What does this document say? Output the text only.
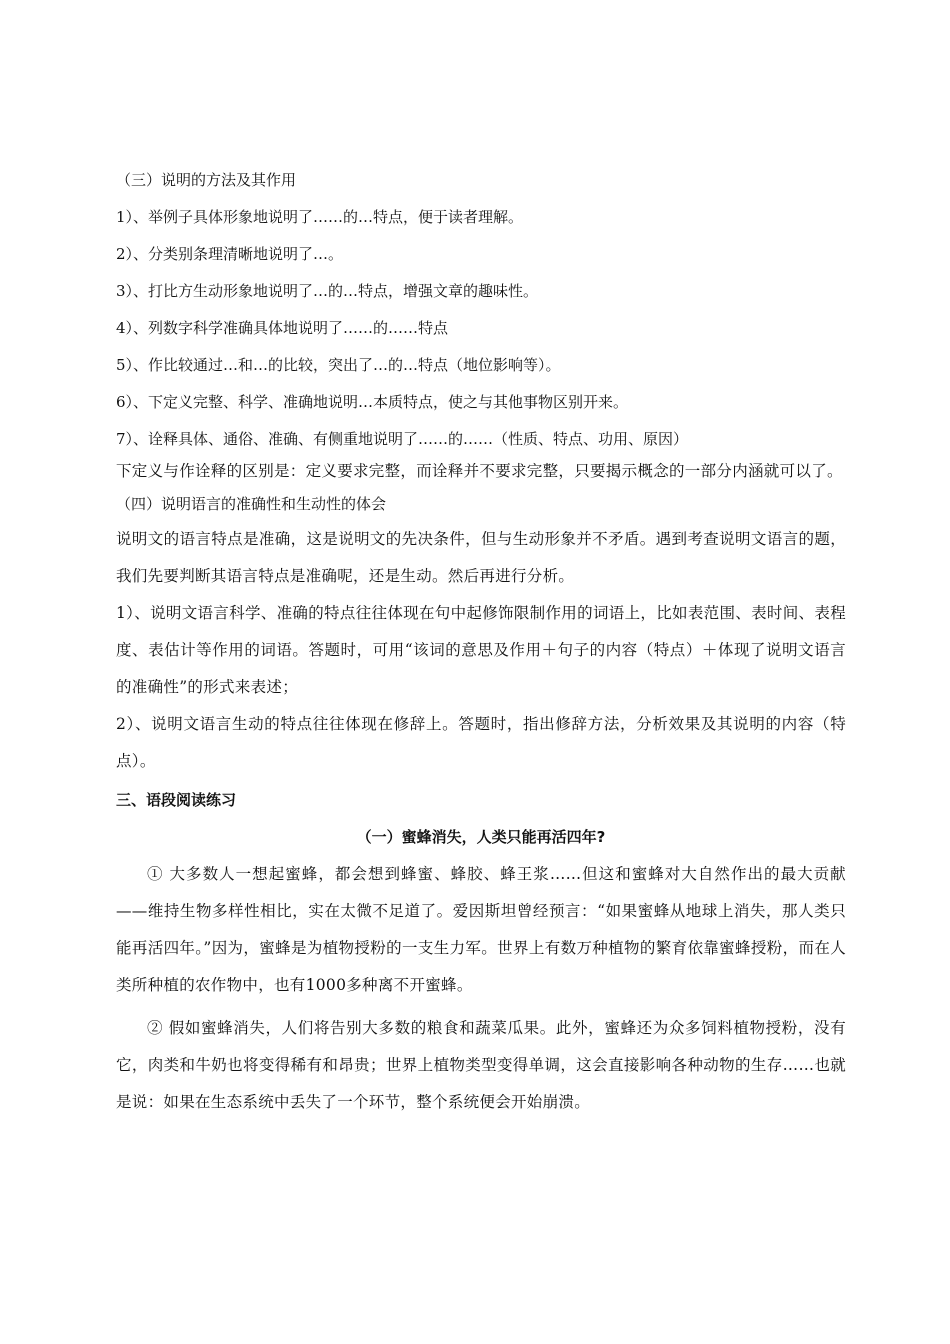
（三）说明的方法及其作用
1）、举例子具体形象地说明了……的…特点，便于读者理解。
2）、分类别条理清晰地说明了…。
3）、打比方生动形象地说明了…的…特点，增强文章的趣味性。
4）、列数字科学准确具体地说明了……的……特点
5）、作比较通过…和…的比较，突出了…的…特点（地位影响等）。
6）、下定义完整、科学、准确地说明…本质特点，使之与其他事物区别开来。
7）、诠释具体、通俗、准确、有侧重地说明了……的……（性质、特点、功用、原因）
下定义与作诠释的区别是：定义要求完整，而诠释并不要求完整，只要揭示概念的一部分内涵就可以了。
（四）说明语言的准确性和生动性的体会
说明文的语言特点是准确，这是说明文的先决条件，但与生动形象并不矛盾。遇到考查说明文语言的题，我们先要判断其语言特点是准确呢，还是生动。然后再进行分析。
1）、说明文语言科学、准确的特点往往体现在句中起修饰限制作用的词语上，比如表范围、表时间、表程度、表估计等作用的词语。答题时，可用“该词的意思及作用＋句子的内容（特点）＋体现了说明文语言的准确性”的形式来表述；
2）、说明文语言生动的特点往往体现在修辞上。答题时，指出修辞方法，分析效果及其说明的内容（特点）。
三、语段阅读练习
（一）蜜蜂消失，人类只能再活四年?
① 大多数人一想起蜜蜂，都会想到蜂蜜、蜂胶、蜂王浆……但这和蜜蜂对大自然作出的最大贡献——维持生物多样性相比，实在太微不足道了。爱因斯坦曾经预言：“如果蜜蜂从地球上消失，那人类只能再活四年。”因为，蜜蜂是为植物授粉的一支生力军。世界上有数万种植物的繁育依靠蜜蜂授粉，而在人类所种植的农作物中，也有1000多种离不开蜜蜂。
② 假如蜜蜂消失，人们将告别大多数的粮食和蔬菜瓜果。此外，蜜蜂还为众多饲料植物授粉，没有它，肉类和牛奶也将变得稀有和昂贵；世界上植物类型变得单调，这会直接影响各种动物的生存……也就是说：如果在生态系统中丢失了一个环节，整个系统便会开始崩溃。
